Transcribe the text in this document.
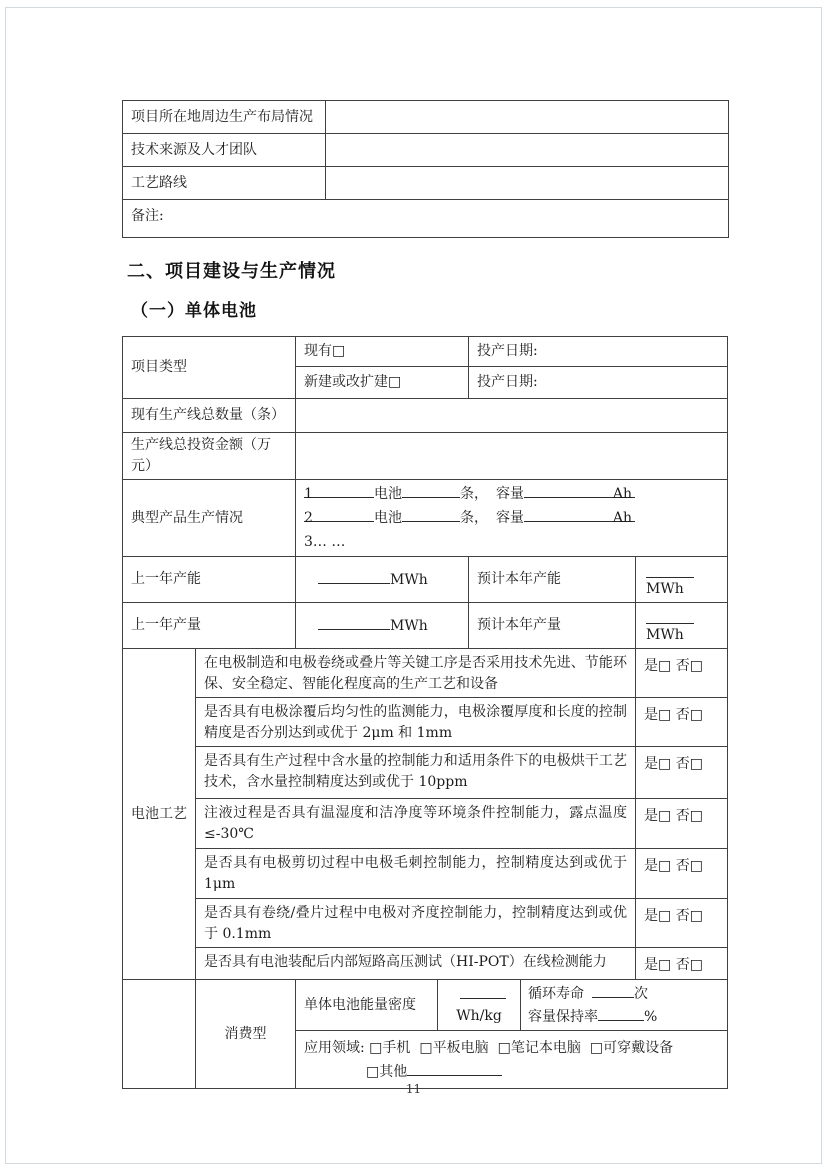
项目所在地周边生产布局情况	
技术来源及人才团队	
工艺路线	
备注:	
二、项目建设与生产情况
（一）单体电池
项目类型		现有□		投产日期:		
		新建或改扩建□		投产日期:		
现有生产线总数量（条）						
生产线总投资金额（万元）						
典型产品生产情况		1 电池 条， 容量 Ah
2 电池 条， 容量 Ah
3… …				

上一年产能		MWh		预计本年产能		MWh

上一年产量		MWh		预计本年产量		MWh

电池工艺	在电极制造和电极卷绕或叠片等关键工序是否采用技术先进、节能环保、安全稳定、智能化程度高的生产工艺和设备					是□ 否□
	是否具有电极涂覆后均匀性的监测能力，电极涂覆厚度和长度的控制精度是否分别达到或优于 2μm 和 1mm					是□ 否□
	是否具有生产过程中含水量的控制能力和适用条件下的电极烘干工艺技术，含水量控制精度达到或优于 10ppm					是□ 否□
	注液过程是否具有温湿度和洁净度等环境条件控制能力，露点温度≤-30℃					是□ 否□
	是否具有电极剪切过程中电极毛刺控制能力，控制精度达到或优于 1μm					是□ 否□
	是否具有卷绕/叠片过程中电极对齐度控制能力，控制精度达到或优于 0.1mm					是□ 否□
	是否具有电池装配后内部短路高压测试（HI-POT）在线检测能力					是□ 否□
	消费型	单体电池能量密度	Wh/kg		循环寿命 次
容量保持率 %	

		应用领域: □手机 □平板电脑 □笔记本电脑 □可穿戴设备
□其他				
11
